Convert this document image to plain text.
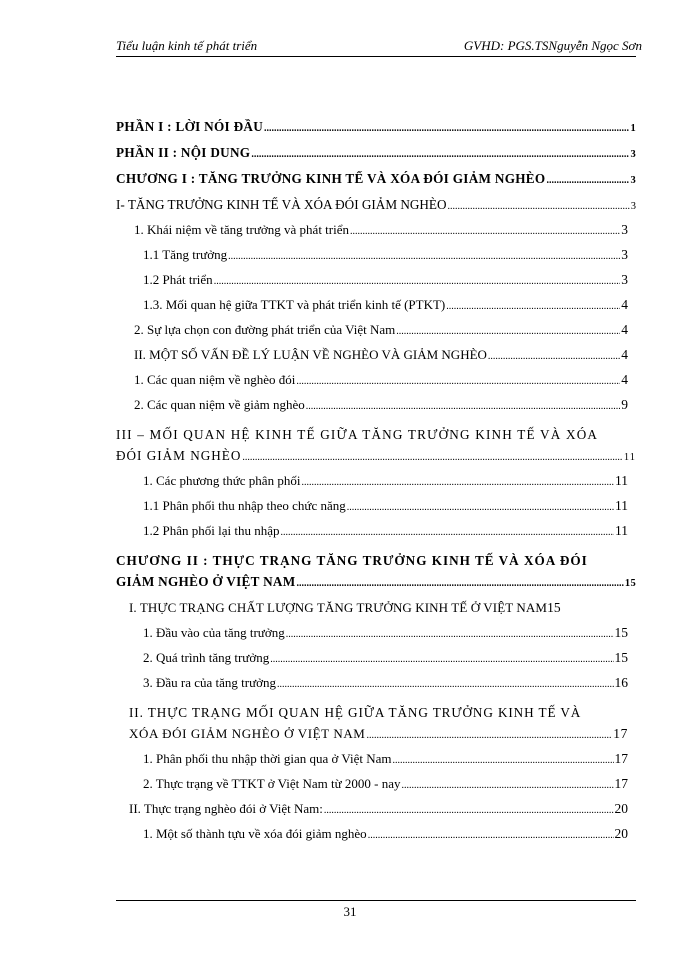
Tiểu luận kinh tế phát triển	GVHD: PGS.TSNguyễn Ngọc Sơn
PHẦN I : LỜI NÓI ĐẦU .....	1
PHẦN II : NỘI DUNG .....	3
CHƯƠNG I : TĂNG TRƯỞNG KINH TẾ VÀ XÓA ĐÓI GIẢM NGHÈO .....	3
I- TĂNG TRƯỞNG KINH TẾ VÀ XÓA ĐÓI GIẢM NGHÈO .....	3
1. Khái niệm về tăng trưởng và phát triển .....	3
1.1 Tăng trưởng .....	3
1.2 Phát triển .....	3
1.3. Mối quan hệ giữa TTKT và phát triển kinh tế (PTKT) .....	4
2. Sự lựa chọn con đường phát triển của Việt Nam .....	4
II. MỘT SỐ VẤN ĐỀ LÝ LUẬN VỀ NGHÈO VÀ GIẢM NGHÈO .....	4
1. Các quan niệm về nghèo đói .....	4
2. Các quan niệm về giảm nghèo .....	9
III – MỐI QUAN HỆ KINH TẾ GIỮA TĂNG TRƯỞNG KINH TẾ VÀ XÓA
ĐÓI GIẢM NGHÈO .....	11
1. Các phương thức phân phối .....	11
1.1 Phân phối thu nhập theo chức năng .....	11
1.2 Phân phối lại thu nhập .....	11
CHƯƠNG II : THỰC TRẠNG TĂNG TRƯỞNG KINH TẾ VÀ XÓA ĐÓI
GIẢM NGHÈO Ở VIỆT NAM .....	15
I. THỰC TRẠNG CHẤT LƯỢNG TĂNG TRƯỞNG KINH TẾ Ở VIỆT NAM 15
1. Đầu vào của tăng trưởng .....	15
2. Quá trình tăng trưởng .....	15
3. Đầu ra của tăng trưởng .....	16
II. THỰC TRẠNG MỐI QUAN HỆ GIỮA TĂNG TRƯỞNG KINH TẾ VÀ
XÓA ĐÓI GIẢM NGHÈO Ở VIỆT NAM .....	17
1. Phân phối thu nhập thời gian qua ở Việt Nam .....	17
2. Thực trạng về TTKT ở Việt Nam từ 2000 - nay .....	17
II. Thực trạng nghèo đói ở Việt Nam: .....	20
1. Một số thành tựu về xóa đói giảm nghèo .....	20
31
